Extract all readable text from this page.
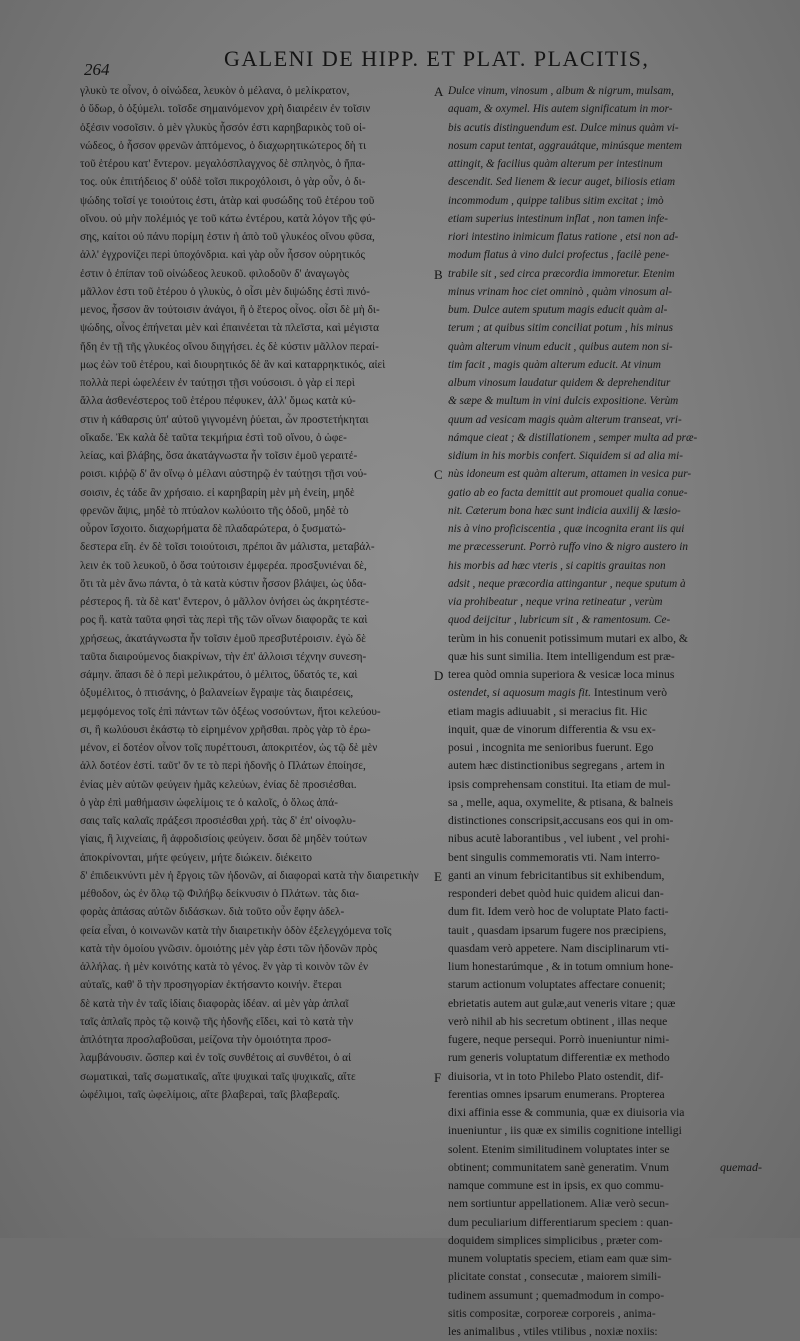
264	GALENI DE HIPP. ET PLAT. PLACITIS,
γλυκὺ τε οἶνον, ὁ οἰνώδεα, λευκὸν ὁ μέλανα, ὁ μελίκρατον,
ὁ ὕδωρ, ὁ ὀξύμελι. τοῖσδε σημαινόμενον χρὴ διαιρέειν ἐν τοῖσιν
ὀξέσιν νοσοῖσιν. ὁ μὲν γλυκὺς ἧσσόν ἐστι καρηβαρικὸς τοῦ οἰ-
νώδεος, ὁ ἧσσον φρενῶν ἁπτόμενος, ὁ διαχωρητικώτερος δὴ τι
τοῦ ἑτέρου κατ' ἔντερον. μεγαλόσπλαγχνος δὲ σπληνὸς, ὁ ἥπα-
τος. οὐκ ἐπιτήδειος δ' οὐδὲ τοῖσι πικροχόλοισι, ὁ γὰρ οὖν, ὁ δι-
ψώδης τοῖσί γε τοιούτοις ἐστι, ἀτὰρ καὶ φυσώδης τοῦ ἑτέρου τοῦ
οἴνου. οὐ μὴν πολέμιός γε τοῦ κάτω ἐντέρου, κατὰ λόγον τῆς φύ-
σης, καίτοι οὐ πάνυ πορίμη ἐστιν ἡ ἀπὸ τοῦ γλυκέος οἴνου φῦσα,
ἀλλ' ἐγχρονίζει περὶ ὑποχόνδρια. καὶ γὰρ οὖν ἧσσον οὐρητικός
ἐστιν ὁ ἐπίπαν τοῦ οἰνώδεος λευκοῦ. φιλοδοῦν δ' ἀναγωγὸς
μᾶλλον ἐστι τοῦ ἑτέρου ὁ γλυκὺς, ὁ οἷσι μὲν διψώδης ἐστὶ πινό-
μενος, ἧσσον ἂν τούτοισιν ἀνάγοι, ἢ ὁ ἕτερος οἶνος. οἷσι δὲ μὴ δι-
ψώδης, οἶνος ἐπήνεται μὲν καὶ ἐπαινέεται τὰ πλεῖστα, καὶ μέγιστα
ἤδη ἐν τῇ τῆς γλυκέος οἴνου διηγήσει. ἐς δὲ κύστιν μᾶλλον περαί-
μως ἐὼν τοῦ ἑτέρου, καὶ διουρητικός δὲ ἂν καὶ καταρρηκτικός, αἰεὶ
πολλὰ περὶ ὠφελέειν ἐν ταύτῃσι τῇσι νούσοισι. ὁ γὰρ εἰ περὶ
ἄλλα ἀσθενέστερος τοῦ ἑτέρου πέφυκεν, ἀλλ' ὅμως κατὰ κύ-
στιν ἡ κάθαρσις ὑπ' αὐτοῦ γιγνομένη ῥύεται, ὧν προστετήκηται
οἴκαδε. Ἐκ καλὰ δὲ ταῦτα τεκμήρια ἐστὶ τοῦ οἴνου, ὁ ὠφε-
λείας, καὶ βλάβης, ὅσα ἀκατάγνωστα ἦν τοῖσιν ἐμοῦ γεραιτέ-
ροισι. κιῤῥῷ δ' ἂν οἴνῳ ὁ μέλανι αὐστηρῷ ἐν ταύτῃσι τῇσι νού-
σοισιν, ἐς τάδε ἂν χρήσαιο. εἰ καρηβαρίη μὲν μὴ ἐνείη, μηδὲ
φρενῶν ἅψις, μηδὲ τὸ πτύαλον κωλύοιτο τῆς ὁδοῦ, μηδὲ τὸ
οὖρον ἴσχοιτο. διαχωρήματα δὲ πλαδαρώτερα, ὁ ξυσματώ-
δεστερα εἴη. ἐν δὲ τοῖσι τοιούτοισι, πρέποι ἂν μάλιστα, μεταβάλ-
λειν ἐκ τοῦ λευκοῦ, ὁ ὅσα τούτοισιν ἐμφερέα. προσξυνιέναι δὲ,
ὅτι τὰ μὲν ἄνω πάντα, ὁ τὰ κατὰ κύστιν ἧσσον βλάψει, ὡς ὑδα-
ρέστερος ἢ. τὰ δὲ κατ' ἔντερον, ὁ μᾶλλον ὀνήσει ὡς ἀκρητέστε-
ρος ἢ. κατὰ ταῦτα φησὶ τὰς περὶ τῆς τῶν οἴνων διαφορᾶς τε καὶ
χρήσεως, ἀκατάγνωστα ἦν τοῖσιν ἐμοῦ πρεσβυτέροισιν. ἐγὼ δὲ
ταῦτα διαιρούμενος διακρίνων, τὴν ἐπ' ἀλλοισι τέχνην συνεση-
σάμην. ἅπασι δὲ ὁ περὶ μελικράτου, ὁ μέλιτος, ὕδατός τε, καὶ
ὀξυμέλιτος, ὁ πτισάνης, ὁ βαλανείων ἔγραψε τὰς διαιρέσεις,
μεμφόμενος τοῖς ἐπὶ πάντων τῶν ὀξέως νοσούντων, ἤτοι κελεύου-
σι, ἢ κωλύουσι ἑκάστῳ τὸ εἰρημένον χρῆσθαι. πρὸς γὰρ τὸ ἐρω-
μένον, εἰ δοτέον οἶνον τοῖς πυρέττουσι, ἀποκριτέον, ὡς τῷ δὲ μὲν
ἀλλ δοτέον ἐστί. ταῦτ' ὅν τε τὸ περὶ ἡδονῆς ὁ Πλάτων ἐποίησε,
ἐνίας μὲν αὐτῶν φεύγειν ἡμᾶς κελεύων, ἐνίας δὲ προσιέσθαι.
ὁ γὰρ ἐπὶ μαθήμασιν ὠφελίμοις τε ὁ καλοῖς, ὁ ὅλως ἁπά-
σαις ταῖς καλαῖς πράξεσι προσιέσθαι χρή. τὰς δ' ἐπ' οἰνοφλυ-
γίαις, ἢ λιχνείαις, ἢ ἀφροδισίοις φεύγειν. ὅσαι δὲ μηδὲν τούτων
ἀποκρίνονται, μήτε φεύγειν, μήτε διώκειν. διέκειτο
δ' ἐπιδεικνύντι μὲν ἡ ἔργοις τῶν ἡδονῶν, αἱ διαφοραὶ κατὰ τὴν διαιρετικὴν
μέθοδον, ὡς ἐν ὅλῳ τῷ Φιλήβῳ δείκνυσιν ὁ Πλάτων. τὰς δια-
φορὰς ἁπάσας αὐτῶν διδάσκων. διὰ τοῦτο οὖν ἔφην ἀδελ-
φεία εἶναι, ὁ κοινωνῶν κατὰ τὴν διαιρετικὴν ὁδὸν ἐξελεγχόμενα τοῖς
κατὰ τὴν ὁμοίου γνῶσιν. ὁμοιότης μὲν γὰρ ἐστι τῶν ἡδονῶν πρὸς
ἀλλήλας. ἡ μὲν κοινότης κατὰ τὸ γένος. ἓν γὰρ τὶ κοινὸν τῶν ἐν
αὐταῖς, καθ' ὃ τὴν προσηγορίαν ἐκτήσαντο κοινήν. ἕτεραι
δὲ κατὰ τὴν ἐν ταῖς ἰδίαις διαφορὰς ἰδέαν. αἱ μὲν γὰρ ἁπλαῖ
ταῖς ἁπλαῖς πρὸς τῷ κοινῷ τῆς ἡδονῆς εἴδει, καὶ τὸ κατὰ τὴν
ἁπλότητα προσλαβοῦσαι, μείζονα τὴν ὁμοιότητα προσ-
λαμβάνουσιν. ὥσπερ καὶ ἐν τοῖς συνθέτοις αἱ συνθέτοι, ὁ αἱ
σωματικαὶ, ταῖς σωματικαῖς, αἵτε ψυχικαὶ ταῖς ψυχικαῖς, αἵτε
ὠφέλιμοι, ταῖς ὠφελίμοις, αἵτε βλαβεραὶ, ταῖς βλαβεραῖς.
A
B
C
D
E
F
Dulce vinum, vinosum , album & nigrum, mulsam,
aquam, & oxymel. His autem significatum in mor-
bis acutis distinguendum est. Dulce minus quàm vi-
nosum caput tentat, aggrauátque, minúsque mentem
attingit, & facilius quàm alterum per intestinum
descendit. Sed lienem & iecur auget, biliosis etiam
incommodum , quippe talibus sitim excitat ; imò
etiam superius intestinum inflat , non tamen infe-
riori intestino inimicum flatus ratione , etsi non ad-
modum flatus à vino dulci profectus , facilè pene-
trabile sit , sed circa præcordia immoretur. Etenim
minus vrinam hoc ciet omninò , quàm vinosum al-
bum. Dulce autem sputum magis educit quàm al-
terum ; at quibus sitim conciliat potum , his minus
quàm alterum vinum educit , quibus autem non si-
tim facit , magis quàm alterum educit. At vinum
album vinosum laudatur quidem & deprehenditur
& sæpe & multum in vini dulcis expositione. Verùm
quum ad vesicam magis quàm alterum transeat, vri-
námque cieat ; & distillationem , semper multa ad præ-
sidium in his morbis confert. Siquidem si ad alia mi-
nùs idoneum est quàm alterum, attamen in vesica pur-
gatio ab eo facta demittit aut promouet qualia conue-
nit. Cæterum bona hæc sunt indicia auxilij & læsio-
nis à vino proficiscentia , quæ incognita erant iis qui
me præcesserunt. Porrò ruffo vino & nigro austero in
his morbis ad hæc vteris , si capitis grauitas non
adsit , neque præcordia attingantur , neque sputum à
via prohibeatur , neque vrina retineatur , verùm
quod deijcitur , lubricum sit , & ramentosum. Ce-
terùm in his conuenit potissimum mutari ex albo, &
quæ his sunt similia. Item intelligendum est præ-
terea quòd omnia superiora & vesicæ loca minus
ostendet, si aquosum magis fit. Intestinum verò
etiam magis adiuuabit , si meracius fit. Hic
inquit, quæ de vinorum differentia & vsu ex-
posui , incognita me senioribus fuerunt. Ego
autem hæc distinctionibus segregans , artem in
ipsis comprehensam constitui. Ita etiam de mul-
sa , melle, aqua, oxymelite, & ptisana, & balneis
distinctiones conscripsit,accusans eos qui in om-
nibus acutè laborantibus , vel iubent , vel prohi-
bent singulis commemoratis vti. Nam interro-
ganti an vinum febricitantibus sit exhibendum,
responderi debet quòd huic quidem alicui dan-
dum fit. Idem verò hoc de voluptate Plato facti-
tauit , quasdam ipsarum fugere nos præcipiens,
quasdam verò appetere. Nam disciplinarum vti-
lium honestarúmque , & in totum omnium hone-
starum actionum voluptates affectare conuenit;
ebrietatis autem aut gulæ,aut veneris vitare ; quæ
verò nihil ab his secretum obtinent , illas neque
fugere, neque persequi. Porrò inueniuntur nimi-
rum generis voluptatum differentiæ ex methodo
diuisoria, vt in toto Philebo Plato ostendit, dif-
ferentias omnes ipsarum enumerans. Propterea
dixi affinia esse & communia, quæ ex diuisoria via
inueniuntur , iis quæ ex similis cognitione intelligi
solent. Etenim similitudinem voluptates inter se
obtinent; communitatem sanè generatim. Vnum
namque commune est in ipsis, ex quo commu-
nem sortiuntur appellationem. Aliæ verò secun-
dum peculiarium differentiarum speciem : quan-
doquidem simplices simplicibus , præter com-
munem voluptatis speciem, etiam eam quæ sim-
plicitate constat , consecutæ , maiorem simili-
tudinem assumunt ; quemadmodum in compo-
sitis compositæ, corporeæ corporeis , anima-
les animalibus , vtiles vtilibus , noxiæ noxiis:
quemad-
